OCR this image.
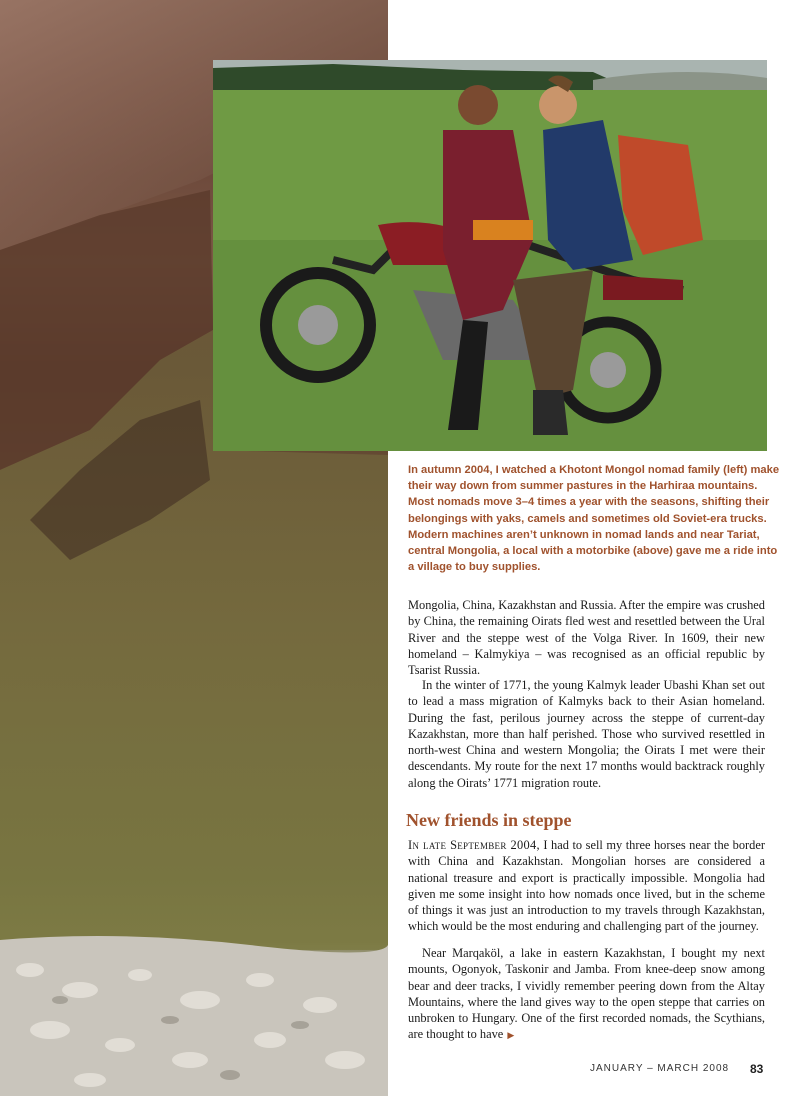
In autumn 2004, I watched a Khotont Mongol nomad family (left) make their way down from summer pastures in the Harhiraa mountains. Most nomads move 3–4 times a year with the seasons, shifting their belongings with yaks, camels and sometimes old Soviet-era trucks. Modern machines aren’t unknown in nomad lands and near Tariat, central Mongolia, a local with a motorbike (above) gave me a ride into a village to buy supplies.

Mongolia, China, Kazakhstan and Russia. After the empire was crushed by China, the remaining Oirats fled west and resettled between the Ural River and the steppe west of the Volga River. In 1609, their new homeland – Kalmykiya – was recognised as an official republic by Tsarist Russia.

In the winter of 1771, the young Kalmyk leader Ubashi Khan set out to lead a mass migration of Kalmyks back to their Asian homeland. During the fast, perilous journey across the steppe of current-day Kazakhstan, more than half perished. Those who survived resettled in north-west China and western Mongolia; the Oirats I met were their descendants. My route for the next 17 months would backtrack roughly along the Oirats’ 1771 migration route.

New friends in steppe

In late September 2004, I had to sell my three horses near the border with China and Kazakhstan. Mongolian horses are considered a national treasure and export is practically impossible. Mongolia had given me some insight into how nomads once lived, but in the scheme of things it was just an introduction to my travels through Kazakhstan, which would be the most enduring and challenging part of the journey.

Near Marqaköl, a lake in eastern Kazakhstan, I bought my next mounts, Ogonyok, Taskonir and Jamba. From knee-deep snow among bear and deer tracks, I vividly remember peering down from the Altay Mountains, where the land gives way to the open steppe that carries on unbroken to Hungary. One of the first recorded nomads, the Scythians, are thought to have ▶

JANUARY – MARCH 2008 83
